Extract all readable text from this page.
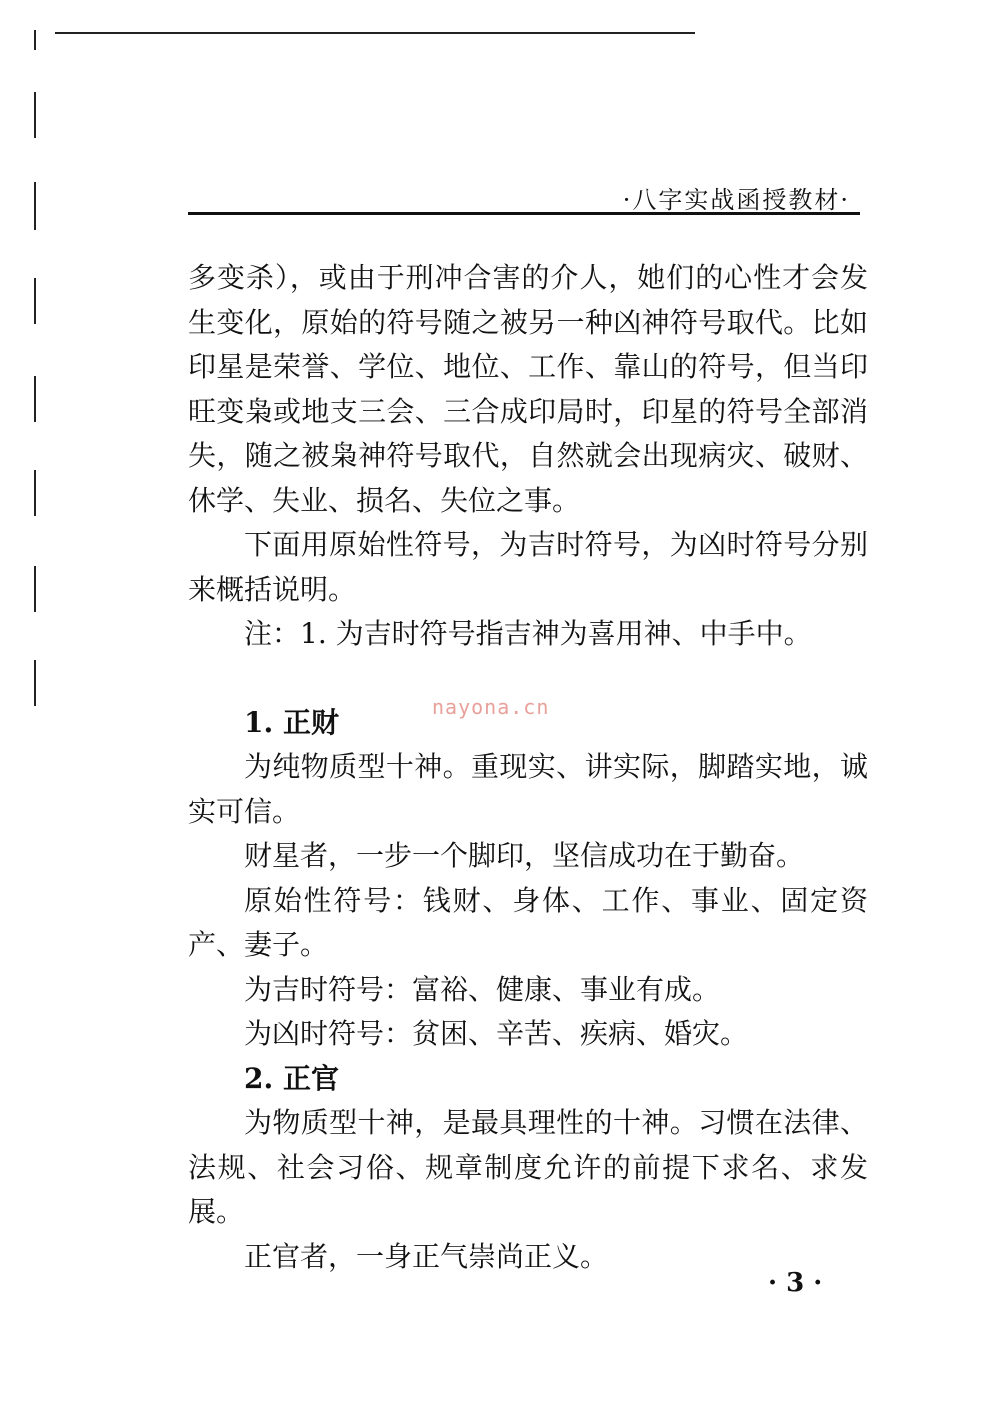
·八字实战函授教材·

多变杀），或由于刑冲合害的介人，她们的心性才会发生变化，原始的符号随之被另一种凶神符号取代。比如印星是荣誉、学位、地位、工作、靠山的符号，但当印旺变枭或地支三会、三合成印局时，印星的符号全部消失，随之被枭神符号取代，自然就会出现病灾、破财、休学、失业、损名、失位之事。

下面用原始性符号，为吉时符号，为凶时符号分别来概括说明。

注：1. 为吉时符号指吉神为喜用神、中手中。

1. 正财

为纯物质型十神。重现实、讲实际，脚踏实地，诚实可信。

财星者，一步一个脚印，坚信成功在于勤奋。

原始性符号：钱财、身体、工作、事业、固定资产、妻子。

为吉时符号：富裕、健康、事业有成。

为凶时符号：贫困、辛苦、疾病、婚灾。

2. 正官

为物质型十神，是最具理性的十神。习惯在法律、法规、社会习俗、规章制度允许的前提下求名、求发展。

正官者，一身正气崇尚正义。

nayona.cn
· 3 ·
